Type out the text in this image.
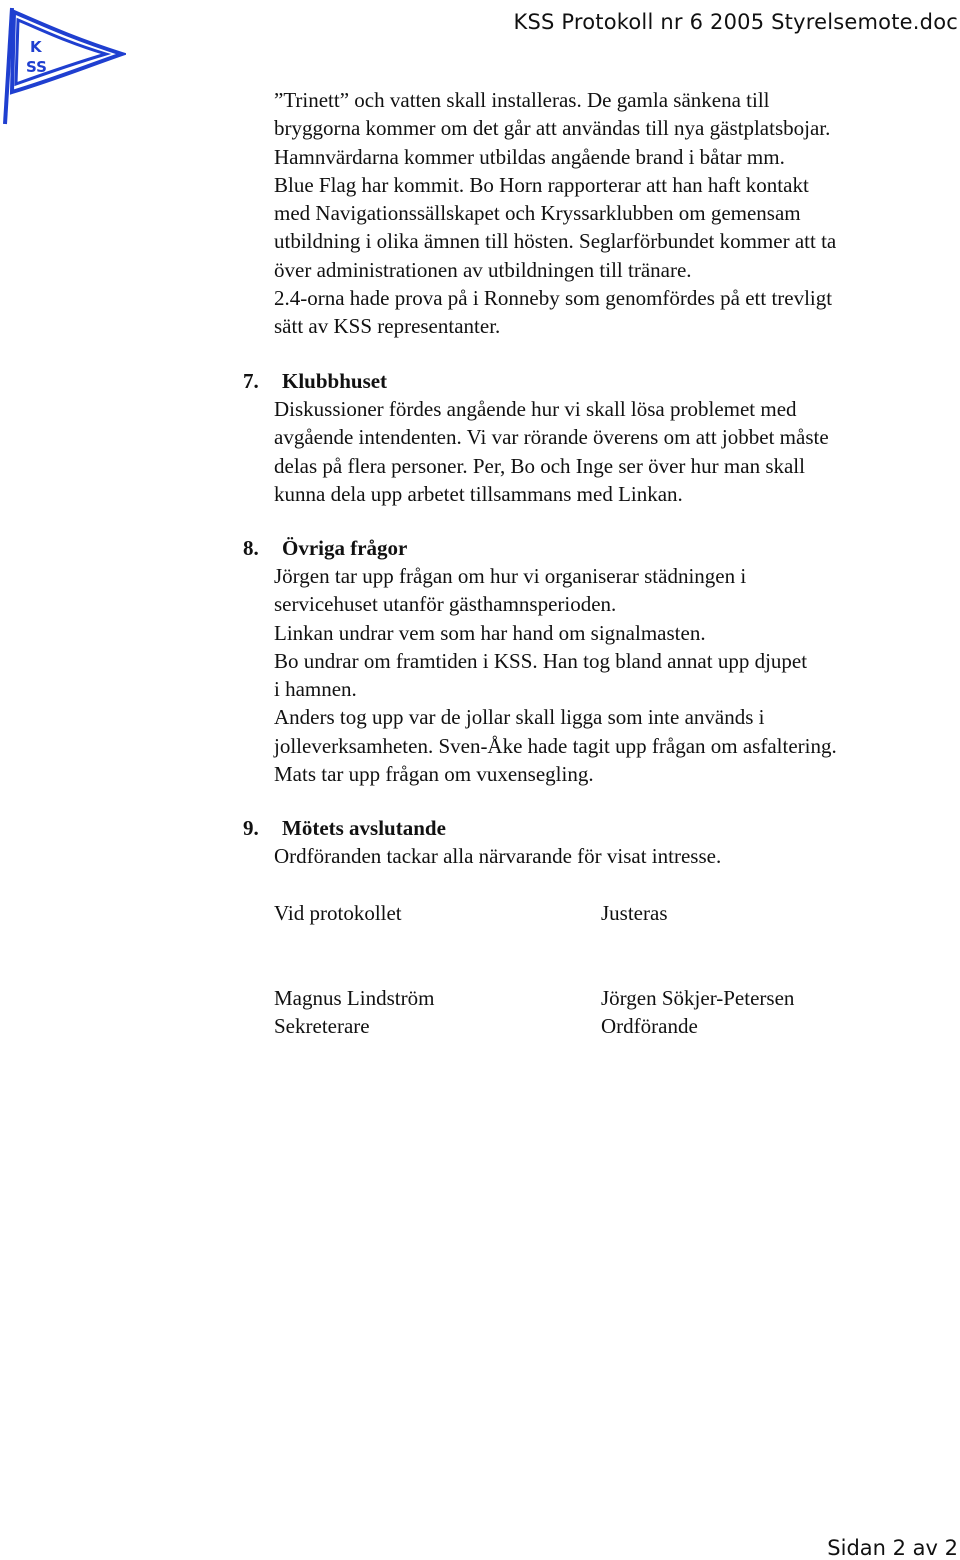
K
SS
KSS Protokoll nr 6 2005 Styrelsemote.doc
”Trinett” och vatten skall installeras. De gamla sänkena till
bryggorna kommer om det går att användas till nya gästplatsbojar.
Hamnvärdarna kommer utbildas angående brand i båtar mm.
Blue Flag har kommit. Bo Horn rapporterar att han haft kontakt
med Navigationssällskapet och Kryssarklubben om gemensam
utbildning i olika ämnen till hösten. Seglarförbundet kommer att ta
över administrationen av utbildningen till tränare.
2.4-orna hade prova på i Ronneby som genomfördes på ett trevligt
sätt av KSS representanter.
7. Klubbhuset
Diskussioner fördes angående hur vi skall lösa problemet med
avgående intendenten. Vi var rörande överens om att jobbet måste
delas på flera personer. Per, Bo och Inge ser över hur man skall
kunna dela upp arbetet tillsammans med Linkan.
8. Övriga frågor
Jörgen tar upp frågan om hur vi organiserar städningen i
servicehuset utanför gästhamnsperioden.
Linkan undrar vem som har hand om signalmasten.
Bo undrar om framtiden i KSS. Han tog bland annat upp djupet
i hamnen.
Anders tog upp var de jollar skall ligga som inte används i
jolleverksamheten. Sven-Åke hade tagit upp frågan om asfaltering.
Mats tar upp frågan om vuxensegling.
9. Mötets avslutande
Ordföranden tackar alla närvarande för visat intresse.
Vid protokollet	Justeras
Magnus Lindström
Sekreterare
Jörgen Sökjer-Petersen
Ordförande
Sidan 2 av 2
